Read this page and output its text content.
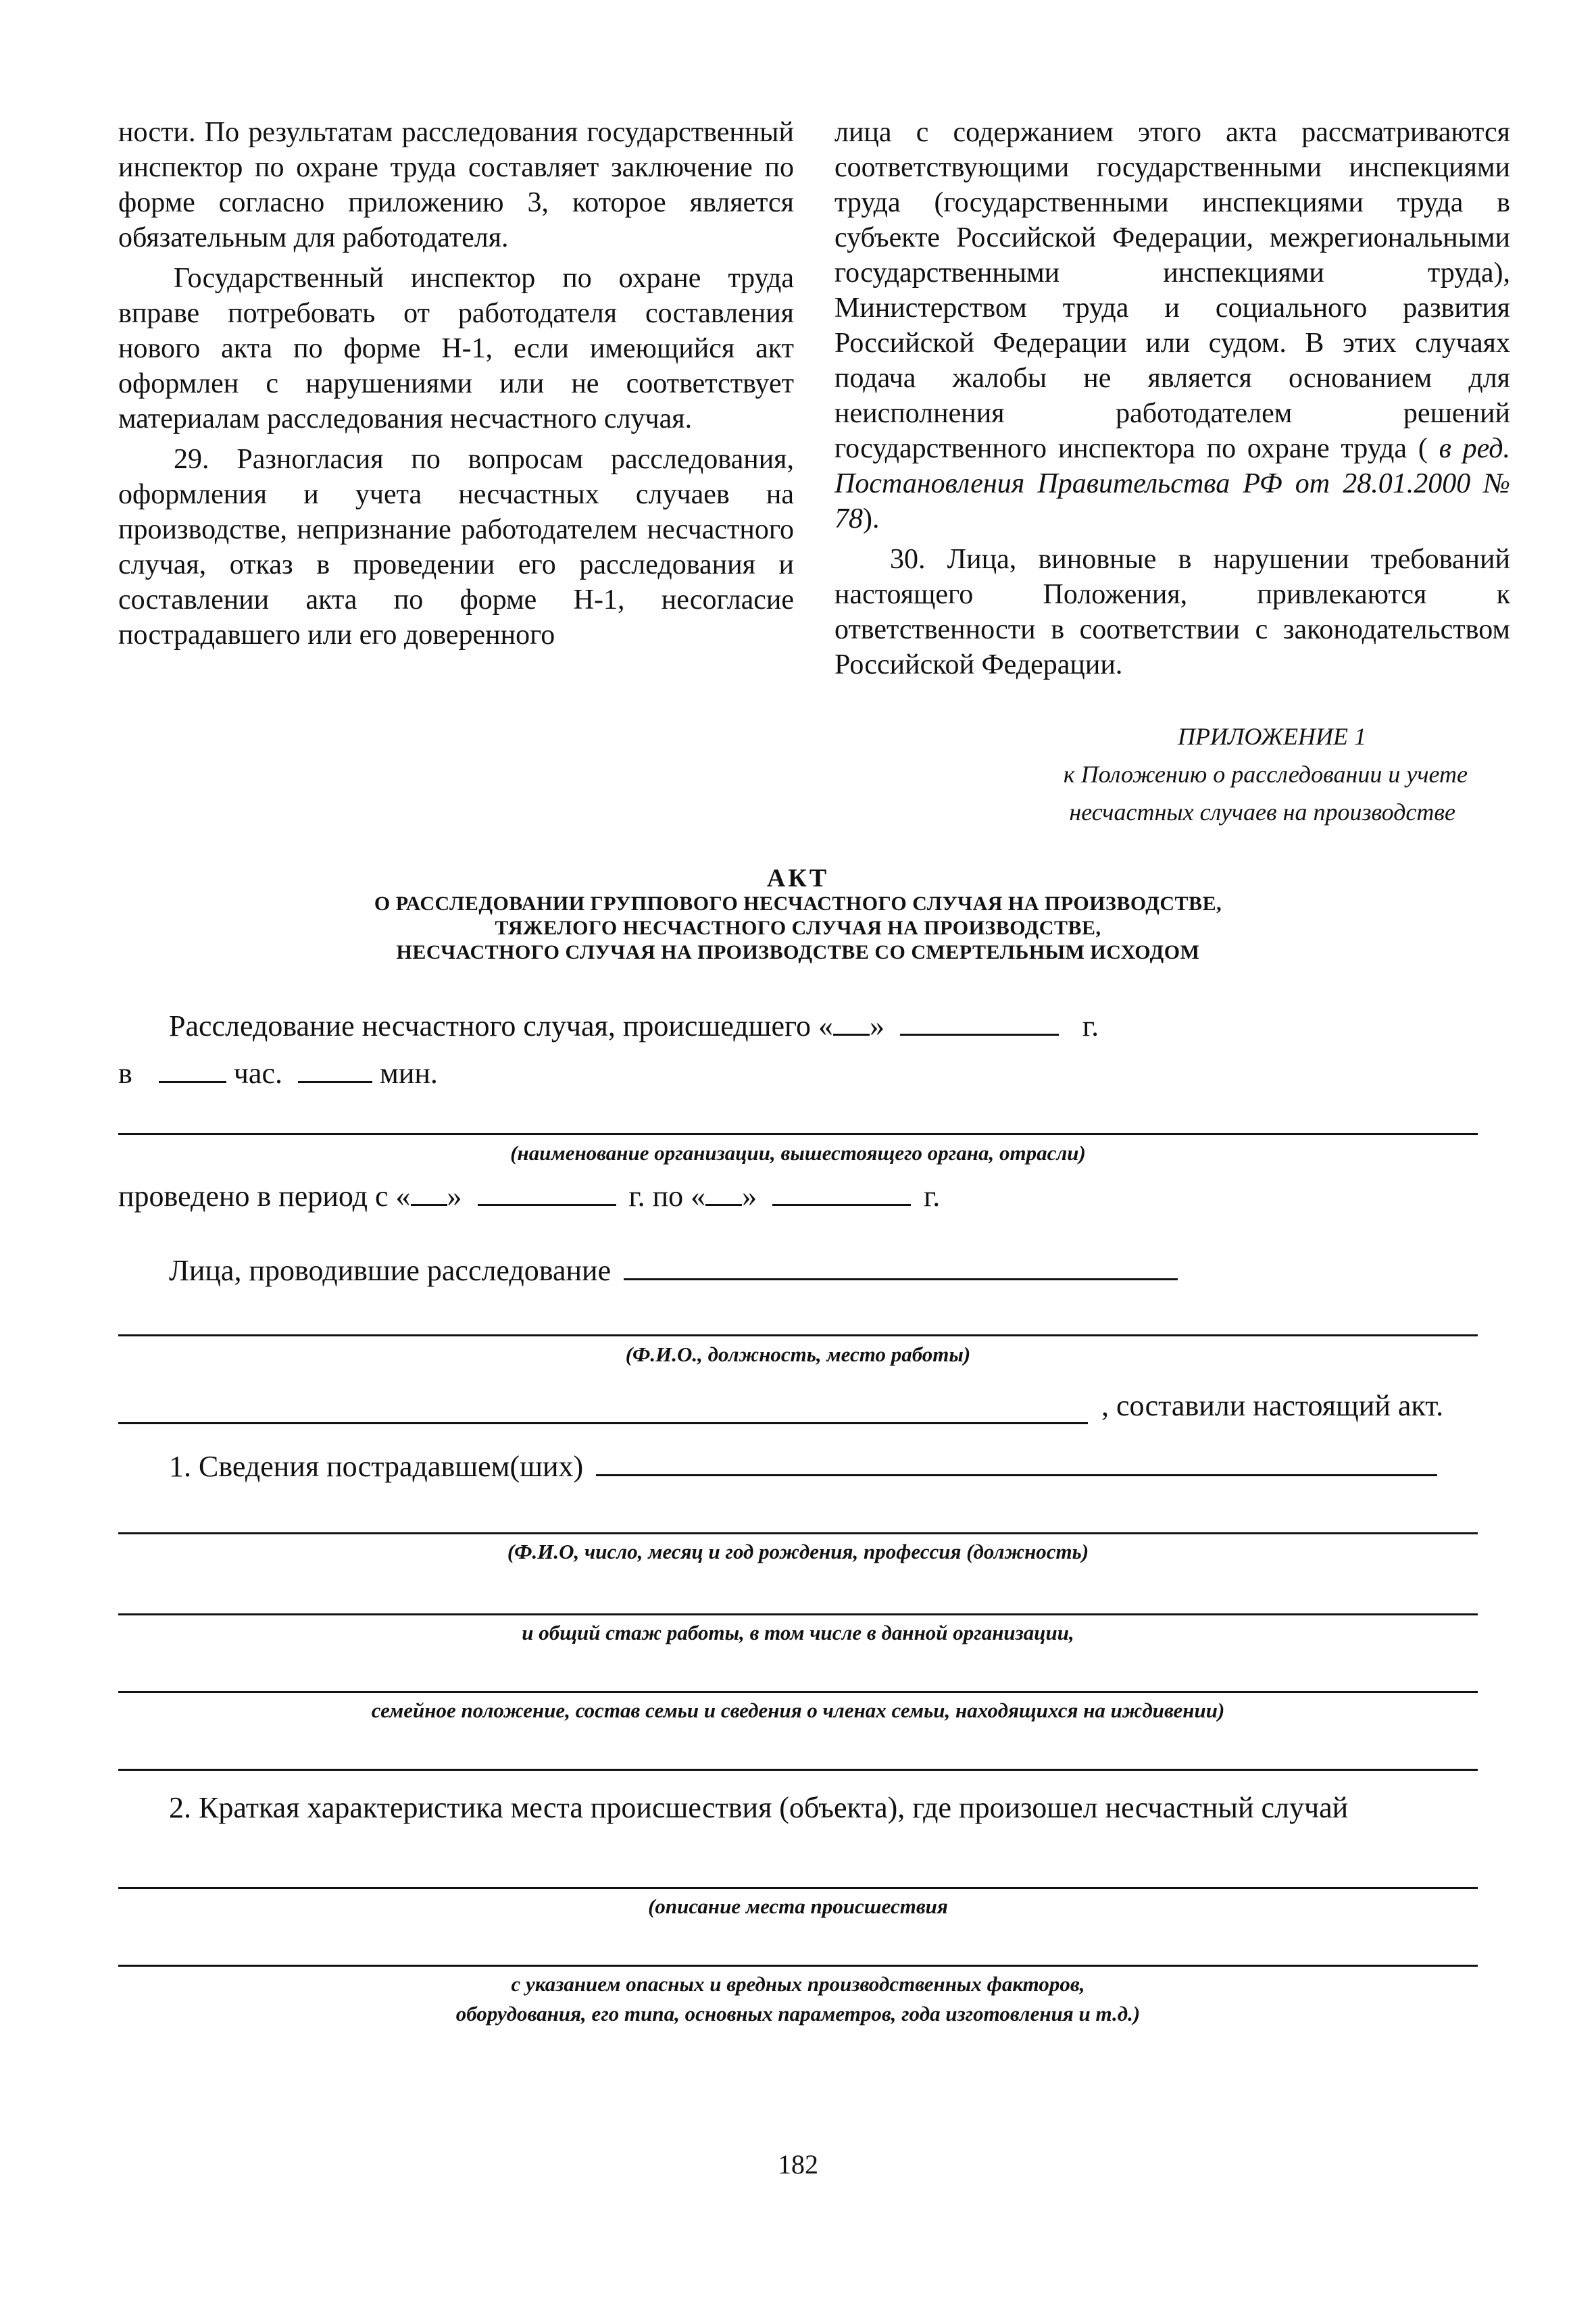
ности. По результатам расследования государственный инспектор по охране труда составляет заключение по форме согласно приложению 3, которое является обязательным для работодателя.

Государственный инспектор по охране труда вправе потребовать от работодателя составления нового акта по форме Н-1, если имеющийся акт оформлен с нарушениями или не соответствует материалам расследования несчастного случая.

29. Разногласия по вопросам расследования, оформления и учета несчастных случаев на производстве, непризнание работодателем несчастного случая, отказ в проведении его расследования и составлении акта по форме Н-1, несогласие пострадавшего или его доверенного

лица с содержанием этого акта рассматриваются соответствующими государственными инспекциями труда (государственными инспекциями труда в субъекте Российской Федерации, межрегиональными государственными инспекциями труда), Министерством труда и социального развития Российской Федерации или судом. В этих случаях подача жалобы не является основанием для неисполнения работодателем решений государственного инспектора по охране труда ( в ред. Постановления Правительства РФ от 28.01.2000 № 78).

30. Лица, виновные в нарушении требований настоящего Положения, привлекаются к ответственности в соответствии с законодательством Российской Федерации.

ПРИЛОЖЕНИЕ 1
к Положению о расследовании и учете
несчастных случаев на производстве
АКТ
О РАССЛЕДОВАНИИ ГРУППОВОГО НЕСЧАСТНОГО СЛУЧАЯ НА ПРОИЗВОДСТВЕ,
ТЯЖЕЛОГО НЕСЧАСТНОГО СЛУЧАЯ НА ПРОИЗВОДСТВЕ,
НЕСЧАСТНОГО СЛУЧАЯ НА ПРОИЗВОДСТВЕ СО СМЕРТЕЛЬНЫМ ИСХОДОМ
Расследование несчастного случая, происшедшего « »	г.
в	час.	мин.
(наименование организации, вышестоящего органа, отрасли)
проведено в период с « »	г. по « »	г.
Лица, проводившие расследование
(Ф.И.О., должность, место работы)
, составили настоящий акт.
1. Сведения пострадавшем(ших)
(Ф.И.О, число, месяц и год рождения, профессия (должность)
и общий стаж работы, в том числе в данной организации,
семейное положение, состав семьи и сведения о членах семьи, находящихся на иждивении)
2. Краткая характеристика места происшествия (объекта), где произошел несчастный случай
(описание места происшествия
с указанием опасных и вредных производственных факторов,
оборудования, его типа, основных параметров, года изготовления и т.д.)
182
